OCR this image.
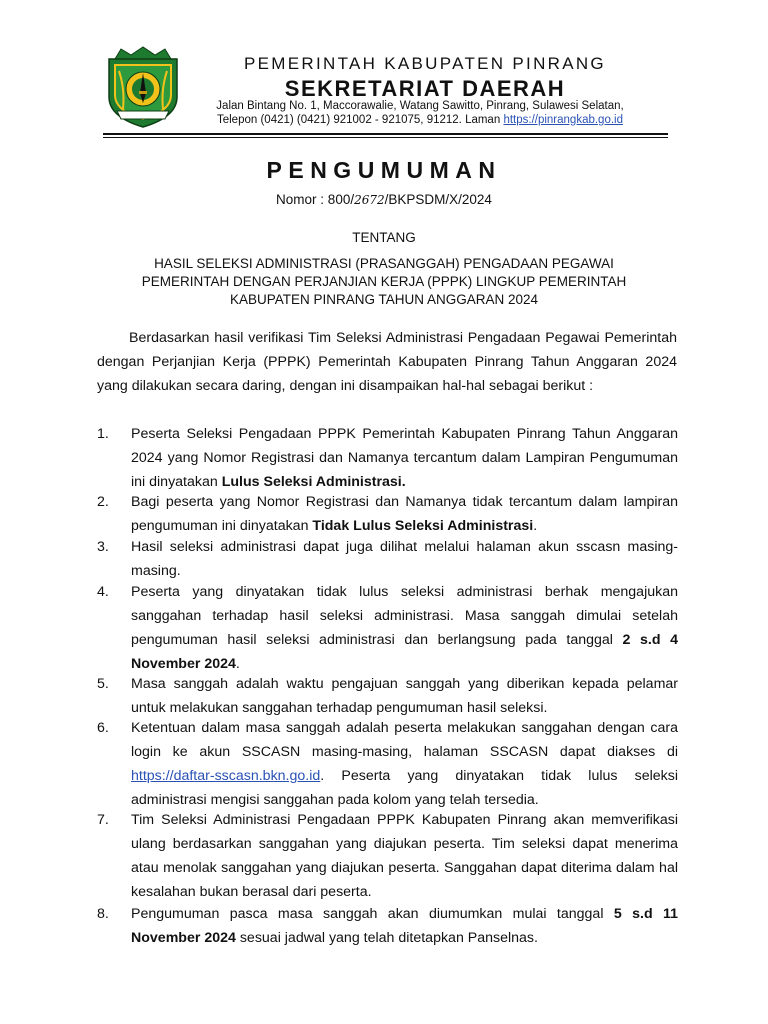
PEMERINTAH KABUPATEN PINRANG
SEKRETARIAT DAERAH
Jalan Bintang No. 1, Maccorawalie, Watang Sawitto, Pinrang, Sulawesi Selatan,
Telepon (0421) (0421) 921002 - 921075, 91212. Laman https://pinrangkab.go.id
PENGUMUMAN
Nomor : 800/2672/BKPSDM/X/2024
TENTANG
HASIL SELEKSI ADMINISTRASI (PRASANGGAH) PENGADAAN PEGAWAI
PEMERINTAH DENGAN PERJANJIAN KERJA (PPPK) LINGKUP PEMERINTAH
KABUPATEN PINRANG TAHUN ANGGARAN 2024
Berdasarkan hasil verifikasi Tim Seleksi Administrasi Pengadaan Pegawai Pemerintah dengan Perjanjian Kerja (PPPK) Pemerintah Kabupaten Pinrang Tahun Anggaran 2024 yang dilakukan secara daring, dengan ini disampaikan hal-hal sebagai berikut :
1.	Peserta Seleksi Pengadaan PPPK Pemerintah Kabupaten Pinrang Tahun Anggaran 2024 yang Nomor Registrasi dan Namanya tercantum dalam Lampiran Pengumuman ini dinyatakan Lulus Seleksi Administrasi.
2.	Bagi peserta yang Nomor Registrasi dan Namanya tidak tercantum dalam lampiran pengumuman ini dinyatakan Tidak Lulus Seleksi Administrasi.
3.	Hasil seleksi administrasi dapat juga dilihat melalui halaman akun sscasn masing-masing.
4.	Peserta yang dinyatakan tidak lulus seleksi administrasi berhak mengajukan sanggahan terhadap hasil seleksi administrasi. Masa sanggah dimulai setelah pengumuman hasil seleksi administrasi dan berlangsung pada tanggal 2 s.d 4 November 2024.
5.	Masa sanggah adalah waktu pengajuan sanggah yang diberikan kepada pelamar untuk melakukan sanggahan terhadap pengumuman hasil seleksi.
6.	Ketentuan dalam masa sanggah adalah peserta melakukan sanggahan dengan cara login ke akun SSCASN masing-masing, halaman SSCASN dapat diakses di https://daftar-sscasn.bkn.go.id. Peserta yang dinyatakan tidak lulus seleksi administrasi mengisi sanggahan pada kolom yang telah tersedia.
7.	Tim Seleksi Administrasi Pengadaan PPPK Kabupaten Pinrang akan memverifikasi ulang berdasarkan sanggahan yang diajukan peserta. Tim seleksi dapat menerima atau menolak sanggahan yang diajukan peserta. Sanggahan dapat diterima dalam hal kesalahan bukan berasal dari peserta.
8.	Pengumuman pasca masa sanggah akan diumumkan mulai tanggal 5 s.d 11 November 2024 sesuai jadwal yang telah ditetapkan Panselnas.
